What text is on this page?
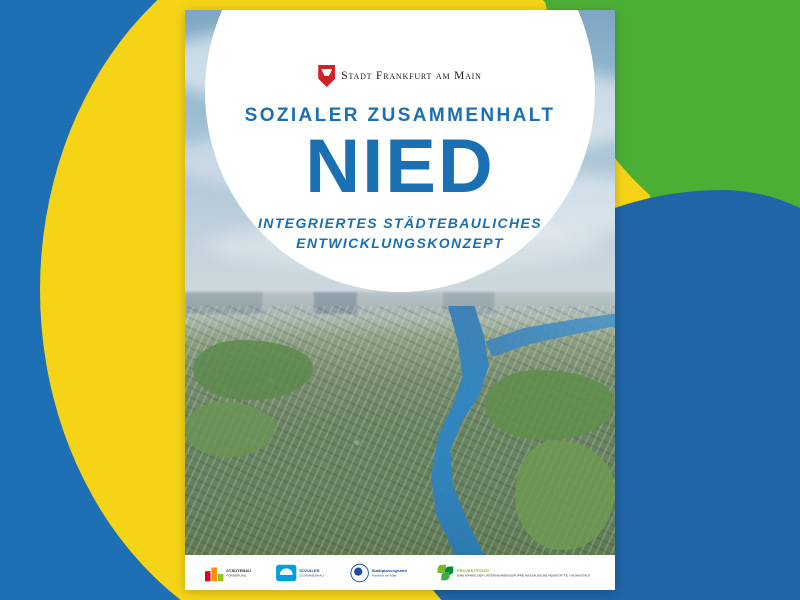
Stadt Frankfurt am Main

SOZIALER ZUSAMMENHALT

NIED

INTEGRIERTES STÄDTEBAULICHES
ENTWICKLUNGSKONZEPT

STÄDTEBAU
FÖRDERUNG
SOZIALER
ZUSAMMENHALT
Stadtplanungsamt
Frankfurt am Main
PROJEKTSTADT
EINE MARKE DER UNTERNEHMENSGRUPPE NASSAUISCHE HEIMSTÄTTE / WOHNSTADT
